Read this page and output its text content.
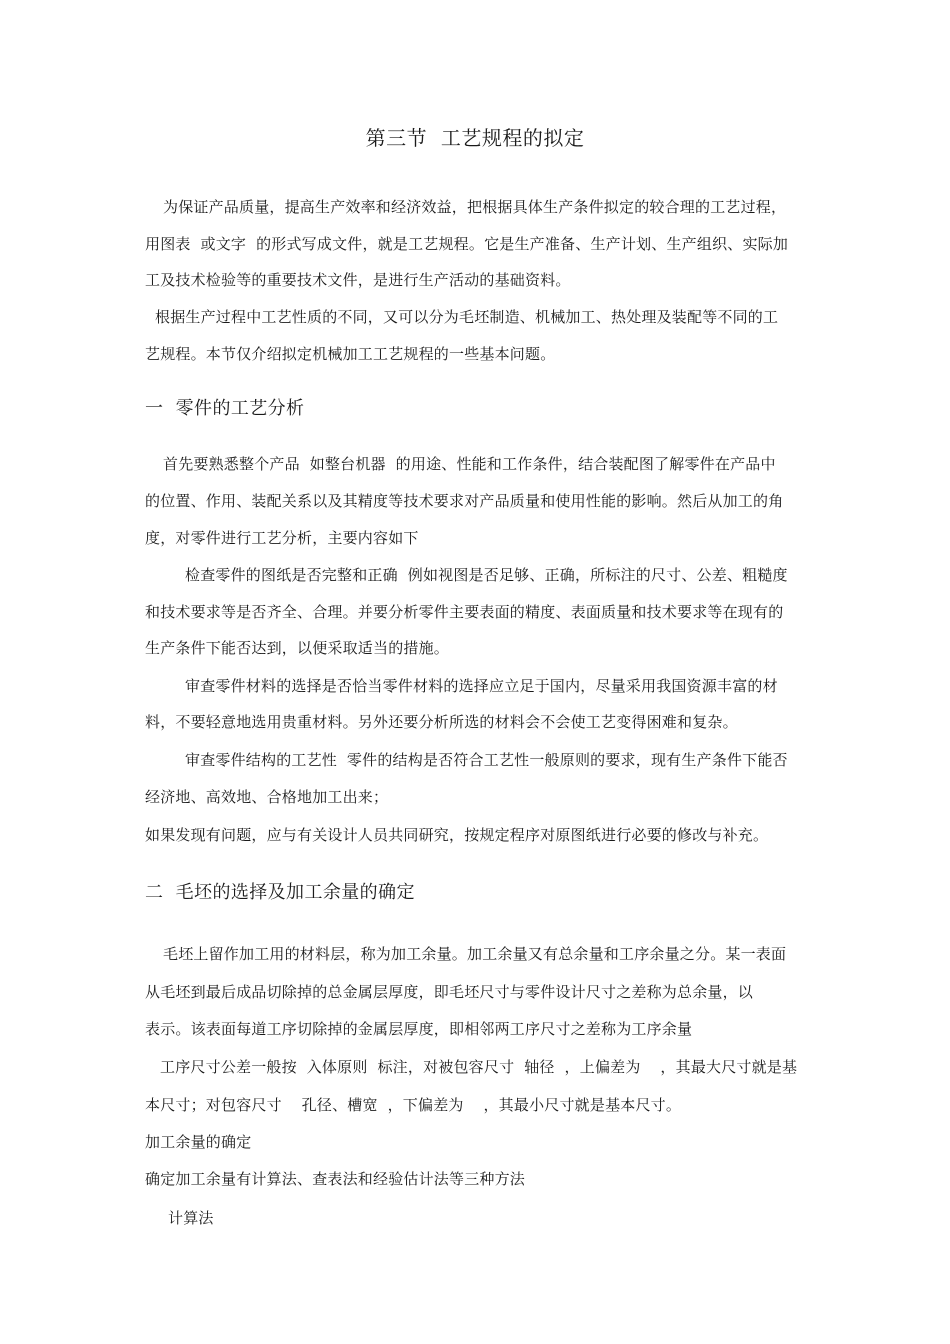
第三节  工艺规程的拟定
为保证产品质量，提高生产效率和经济效益，把根据具体生产条件拟定的较合理的工艺过程，
用图表  或文字  的形式写成文件，就是工艺规程。它是生产准备、生产计划、生产组织、实际加
工及技术检验等的重要技术文件，是进行生产活动的基础资料。
根据生产过程中工艺性质的不同，又可以分为毛坯制造、机械加工、热处理及装配等不同的工
艺规程。本节仅介绍拟定机械加工工艺规程的一些基本问题。
一  零件的工艺分析
首先要熟悉整个产品  如整台机器  的用途、性能和工作条件，结合装配图了解零件在产品中
的位置、作用、装配关系以及其精度等技术要求对产品质量和使用性能的影响。然后从加工的角
度，对零件进行工艺分析，主要内容如下
检查零件的图纸是否完整和正确  例如视图是否足够、正确，所标注的尺寸、公差、粗糙度
和技术要求等是否齐全、合理。并要分析零件主要表面的精度、表面质量和技术要求等在现有的
生产条件下能否达到，以便采取适当的措施。
审查零件材料的选择是否恰当零件材料的选择应立足于国内，尽量采用我国资源丰富的材
料，不要轻意地选用贵重材料。另外还要分析所选的材料会不会使工艺变得困难和复杂。
审查零件结构的工艺性  零件的结构是否符合工艺性一般原则的要求，现有生产条件下能否
经济地、高效地、合格地加工出来；
如果发现有问题，应与有关设计人员共同研究，按规定程序对原图纸进行必要的修改与补充。
二  毛坯的选择及加工余量的确定
毛坯上留作加工用的材料层，称为加工余量。加工余量又有总余量和工序余量之分。某一表面
从毛坯到最后成品切除掉的总金属层厚度，即毛坯尺寸与零件设计尺寸之差称为总余量，以
表示。该表面每道工序切除掉的金属层厚度，即相邻两工序尺寸之差称为工序余量
工序尺寸公差一般按  入体原则  标注，对被包容尺寸  轴径  ，上偏差为    ，其最大尺寸就是基
本尺寸；对包容尺寸    孔径、槽宽  ，下偏差为    ，其最小尺寸就是基本尺寸。
加工余量的确定
确定加工余量有计算法、查表法和经验估计法等三种方法
计算法
